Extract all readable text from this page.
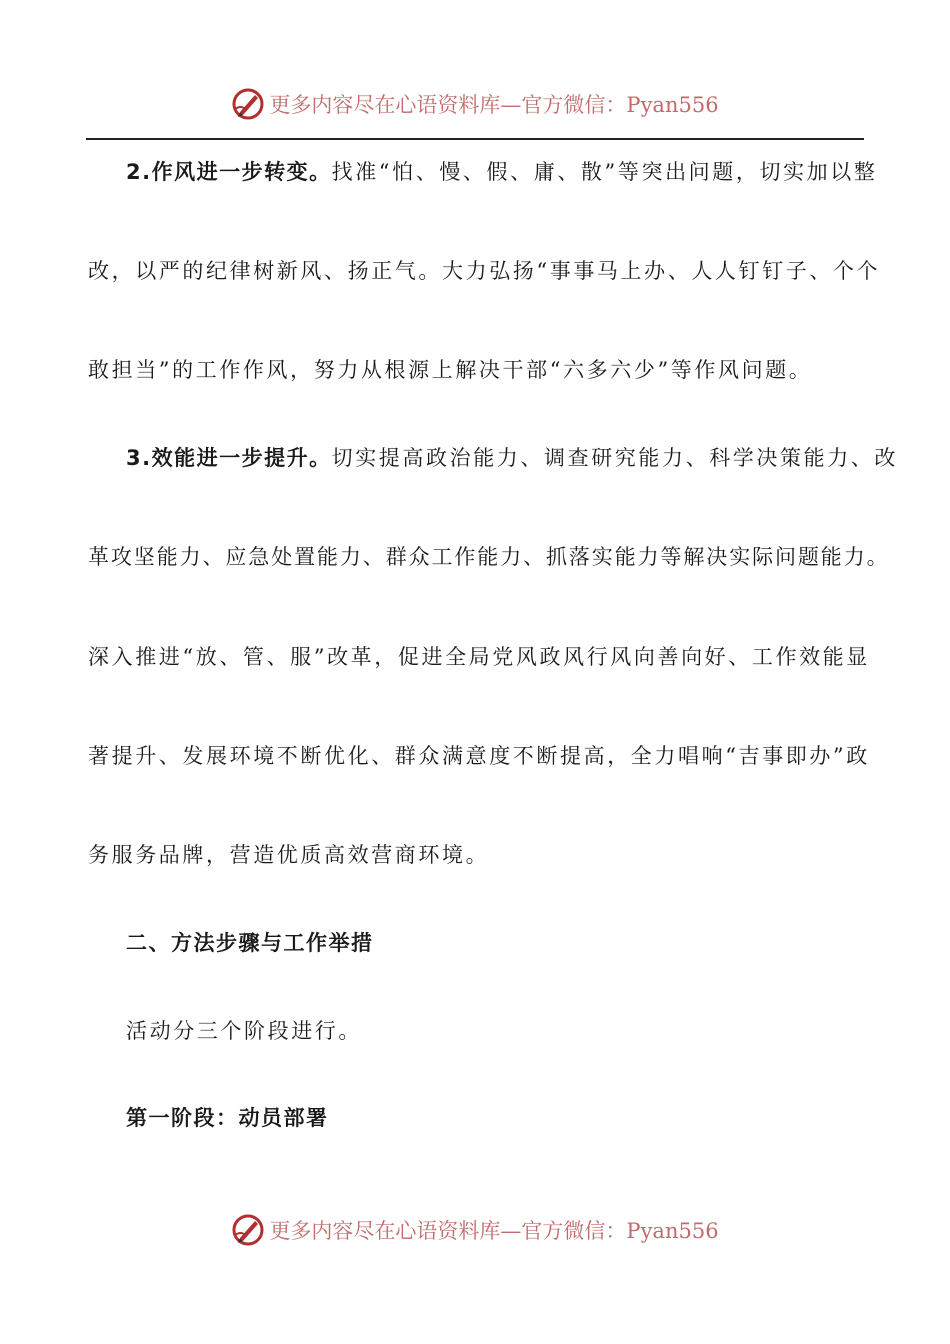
更多内容尽在心语资料库—官方微信：Pyan556
2.作风进一步转变。找准“怕、慢、假、庸、散”等突出问题，切实加以整
改，以严的纪律树新风、扬正气。大力弘扬“事事马上办、人人钉钉子、个个
敢担当”的工作作风，努力从根源上解决干部“六多六少”等作风问题。
3.效能进一步提升。切实提高政治能力、调查研究能力、科学决策能力、改
革攻坚能力、应急处置能力、群众工作能力、抓落实能力等解决实际问题能力。
深入推进“放、管、服”改革，促进全局党风政风行风向善向好、工作效能显
著提升、发展环境不断优化、群众满意度不断提高，全力唱响“吉事即办”政
务服务品牌，营造优质高效营商环境。
二、方法步骤与工作举措
活动分三个阶段进行。
第一阶段：动员部署
更多内容尽在心语资料库—官方微信：Pyan556
